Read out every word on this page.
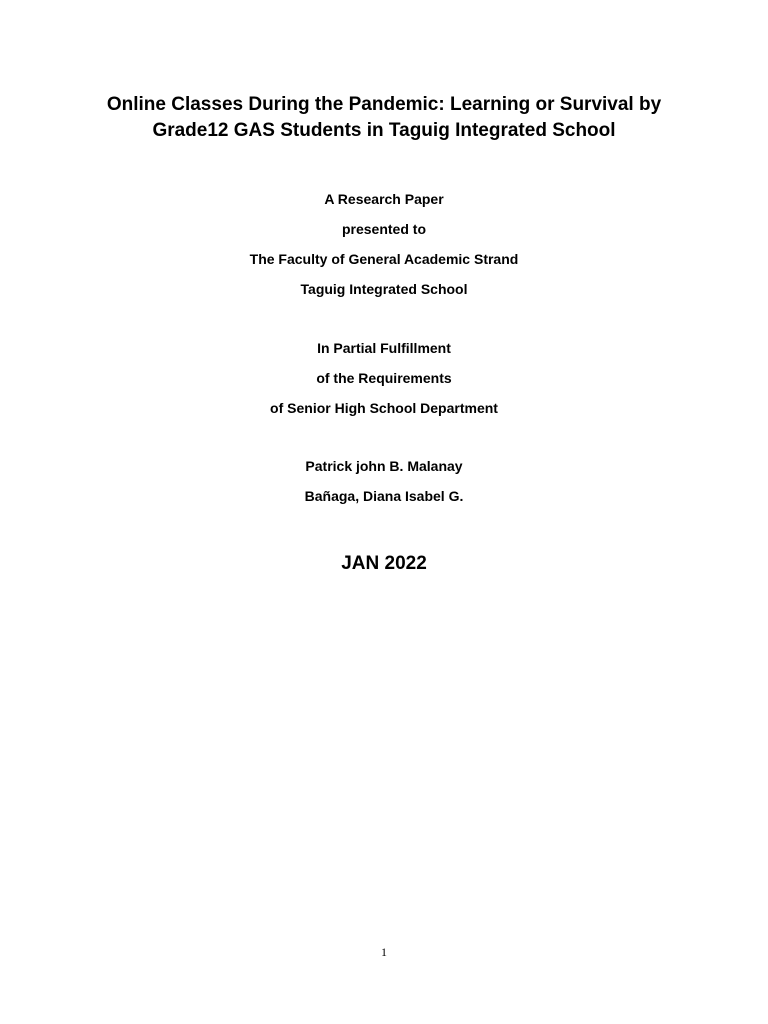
Online Classes During the Pandemic: Learning or Survival by
Grade12 GAS Students in Taguig Integrated School

A Research Paper

presented to

The Faculty of General Academic Strand

Taguig Integrated School

In Partial Fulfillment

of the Requirements

of Senior High School Department

Patrick john B. Malanay

Bañaga, Diana Isabel G.

JAN 2022

1
